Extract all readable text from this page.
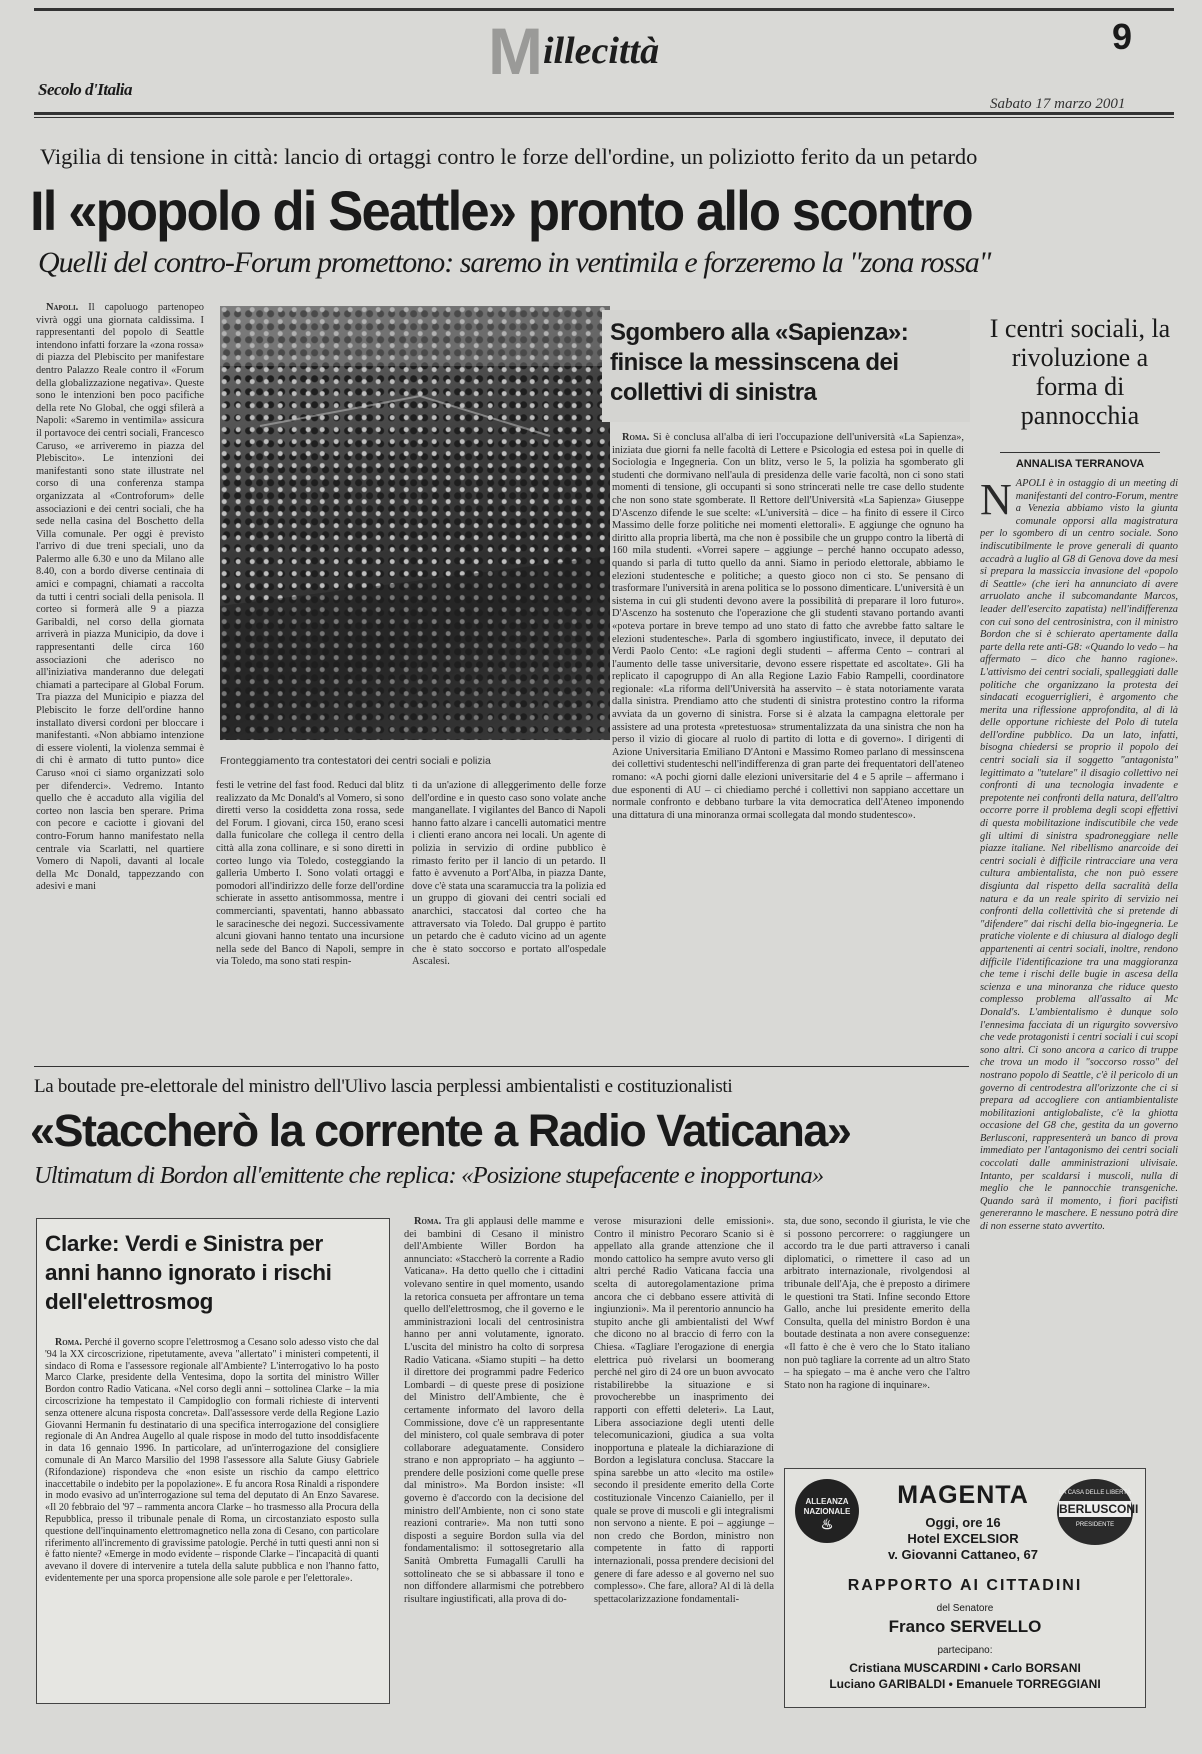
Millecittà	9
Secolo d'Italia
Sabato 17 marzo 2001
Vigilia di tensione in città: lancio di ortaggi contro le forze dell'ordine, un poliziotto ferito da un petardo
Il «popolo di Seattle» pronto allo scontro
Quelli del contro-Forum promettono: saremo in ventimila e forzeremo la "zona rossa"

Napoli. Il capoluogo partenopeo vivrà oggi una giornata caldissima. I rappresentanti del popolo di Seattle intendono infatti forzare la «zona rossa» di piazza del Plebiscito per manifestare dentro Palazzo Reale contro il «Forum della globalizzazione negativa». Queste sono le intenzioni ben poco pacifiche della rete No Global, che oggi sfilerà a Napoli: «Saremo in ventimila» assicura il portavoce dei centri sociali, Francesco Caruso, «e arriveremo in piazza del Plebiscito». Le intenzioni dei manifestanti sono state illustrate nel corso di una conferenza stampa organizzata al «Controforum» delle associazioni e dei centri sociali, che ha sede nella casina del Boschetto della Villa comunale. Per oggi è previsto l'arrivo di due treni speciali, uno da Palermo alle 6.30 e uno da Milano alle 8.40, con a bordo diverse centinaia di amici e compagni, chiamati a raccolta da tutti i centri sociali della penisola. Il corteo si formerà alle 9 a piazza Garibaldi, nel corso della giornata arriverà in piazza Municipio, da dove i rappresentanti delle circa 160 associazioni che aderisco no all'iniziativa manderanno due delegati chiamati a partecipare al Global Forum. Tra piazza del Municipio e piazza del Plebiscito le forze dell'ordine hanno installato diversi cordoni per bloccare i manifestanti. «Non abbiamo intenzione di essere violenti, la violenza semmai è di chi è armato di tutto punto» dice Caruso «noi ci siamo organizzati solo per difenderci». Vedremo. Intanto quello che è accaduto alla vigilia del corteo non lascia ben sperare. Prima con pecore e caciotte i giovani del contro-Forum hanno manifestato nella centrale via Scarlatti, nel quartiere Vomero di Napoli, davanti al locale della Mc Donald, tappezzando con adesivi e mani

Fronteggiamento tra contestatori dei centri sociali e polizia

festi le vetrine del fast food. Reduci dal blitz realizzato da Mc Donald's al Vomero, si sono diretti verso la cosiddetta zona rossa, sede del Forum. I giovani, circa 150, erano scesi dalla funicolare che collega il centro della città alla zona collinare, e si sono diretti in corteo lungo via Toledo, costeggiando la galleria Umberto I. Sono volati ortaggi e pomodori all'indirizzo delle forze dell'ordine schierate in assetto antisommossa, mentre i commercianti, spaventati, hanno abbassato le saracinesche dei negozi. Successivamente alcuni giovani hanno tentato una incursione nella sede del Banco di Napoli, sempre in via Toledo, ma sono stati respin-

ti da un'azione di alleggerimento delle forze dell'ordine e in questo caso sono volate anche manganellate. I vigilantes del Banco di Napoli hanno fatto alzare i cancelli automatici mentre i clienti erano ancora nei locali. Un agente di polizia in servizio di ordine pubblico è rimasto ferito per il lancio di un petardo. Il fatto è avvenuto a Port'Alba, in piazza Dante, dove c'è stata una scaramuccia tra la polizia ed un gruppo di giovani dei centri sociali ed anarchici, staccatosi dal corteo che ha attraversato via Toledo. Dal gruppo è partito un petardo che è caduto vicino ad un agente che è stato soccorso e portato all'ospedale Ascalesi.

Sgombero alla «Sapienza»: finisce la messinscena dei collettivi di sinistra

Roma. Si è conclusa all'alba di ieri l'occupazione dell'università «La Sapienza», iniziata due giorni fa nelle facoltà di Lettere e Psicologia ed estesa poi in quelle di Sociologia e Ingegneria. Con un blitz, verso le 5, la polizia ha sgomberato gli studenti che dormivano nell'aula di presidenza delle varie facoltà, non ci sono stati momenti di tensione, gli occupanti si sono strinceratì nelle tre case dello studente che non sono state sgomberate. Il Rettore dell'Università «La Sapienza» Giuseppe D'Ascenzo difende le sue scelte: «L'università – dice – ha finito di essere il Circo Massimo delle forze politiche nei momenti elettorali». E aggiunge che ognuno ha diritto alla propria libertà, ma che non è possibile che un gruppo contro la libertà di 160 mila studenti. «Vorrei sapere – aggiunge – perché hanno occupato adesso, quando si parla di tutto quello da anni. Siamo in periodo elettorale, abbiamo le elezioni studentesche e politiche; a questo gioco non ci sto. Se pensano di trasformare l'università in arena politica se lo possono dimenticare. L'università è un sistema in cui gli studenti devono avere la possibilità di preparare il loro futuro». D'Ascenzo ha sostenuto che l'operazione che gli studenti stavano portando avanti «poteva portare in breve tempo ad uno stato di fatto che avrebbe fatto saltare le elezioni studentesche». Parla di sgombero ingiustificato, invece, il deputato dei Verdi Paolo Cento: «Le ragioni degli studenti – afferma Cento – contrari al l'aumento delle tasse universitarie, devono essere rispettate ed ascoltate». Gli ha replicato il capogruppo di An alla Regione Lazio Fabio Rampelli, coordinatore regionale: «La riforma dell'Università ha asservito – è stata notoriamente varata dalla sinistra. Prendiamo atto che studenti di sinistra protestino contro la riforma avviata da un governo di sinistra. Forse si è alzata la campagna elettorale per assistere ad una protesta «pretestuosa» strumentalizzata da una sinistra che non ha perso il vizio di giocare al ruolo di partito di lotta e di governo». I dirigenti di Azione Universitaria Emiliano D'Antoni e Massimo Romeo parlano di messinscena dei collettivi studenteschi nell'indifferenza di gran parte dei frequentatori dell'ateneo romano: «A pochi giorni dalle elezioni universitarie del 4 e 5 aprile – affermano i due esponenti di AU – ci chiediamo perché i collettivi non sappiano accettare un normale confronto e debbano turbare la vita democratica dell'Ateneo imponendo una dittatura di una minoranza ormai scollegata dal mondo studentesco».

I centri sociali, la rivoluzione a forma di pannocchia
ANNALISA TERRANOVA

NAPOLI è in ostaggio di un meeting di manifestanti del contro-Forum, mentre a Venezia abbiamo visto la giunta comunale opporsi alla magistratura per lo sgombero di un centro sociale. Sono indiscutibilmente le prove generali di quanto accadrà a luglio al G8 di Genova dove da mesi si prepara la massiccia invasione del «popolo di Seattle» (che ieri ha annunciato di avere arruolato anche il subcomandante Marcos, leader dell'esercito zapatista) nell'indifferenza con cui sono del centrosinistra, con il ministro Bordon che si è schierato apertamente dalla parte della rete anti-G8: «Quando lo vedo – ha affermato – dico che hanno ragione». L'attivismo dei centri sociali, spalleggiati dalle politiche che organizzano la protesta dei sindacati ecoguerriglieri, è argomento che merita una riflessione approfondita, al di là delle opportune richieste del Polo di tutela dell'ordine pubblico. Da un lato, infatti, bisogna chiedersi se proprio il popolo dei centri sociali sia il soggetto "antagonista" legittimato a "tutelare" il disagio collettivo nei confronti di una tecnologia invadente e prepotente nei confronti della natura, dell'altro occorre porre il problema degli scopi effettivi di questa mobilitazione indiscutibile che vede gli ultimi di sinistra spadroneggiare nelle piazze italiane. Nel ribellismo anarcoide dei centri sociali è difficile rintracciare una vera cultura ambientalista, che non può essere disgiunta dal rispetto della sacralità della natura e da un reale spirito di servizio nei confronti della collettività che si pretende di "difendere" dai rischi della bio-ingegneria. Le pratiche violente e di chiusura al dialogo degli appartenenti ai centri sociali, inoltre, rendono difficile l'identificazione tra una maggioranza che teme i rischi delle bugie in ascesa della scienza e una minoranza che riduce questo complesso problema all'assalto ai Mc Donald's. L'ambientalismo è dunque solo l'ennesima facciata di un rigurgito sovversivo che vede protagonisti i centri sociali i cui scopi sono altri. Ci sono ancora a carico di truppe che trova un modo il "soccorso rosso" del nostrano popolo di Seattle, c'è il pericolo di un governo di centrodestra all'orizzonte che ci si prepara ad accogliere con antiambientaliste mobilitazioni antiglobaliste, c'è la ghiotta occasione del G8 che, gestita da un governo Berlusconi, rappresenterà un banco di prova immediato per l'antagonismo dei centri sociali coccolati dalle amministrazioni ulivisaie. Intanto, per scaldarsi i muscoli, nulla di meglio che le pannocchie transgeniche. Quando sarà il momento, i fiori pacifisti genereranno le maschere. E nessuno potrà dire di non esserne stato avvertito.

La boutade pre-elettorale del ministro dell'Ulivo lascia perplessi ambientalisti e costituzionalisti
«Staccherò la corrente a Radio Vaticana»
Ultimatum di Bordon all'emittente che replica: «Posizione stupefacente e inopportuna»
Clarke: Verdi e Sinistra per anni hanno ignorato i rischi dell'elettrosmog

Roma. Perché il governo scopre l'elettrosmog a Cesano solo adesso visto che dal '94 la XX circoscrizione, ripetutamente, aveva "allertato" i ministeri competenti, il sindaco di Roma e l'assessore regionale all'Ambiente? L'interrogativo lo ha posto Marco Clarke, presidente della Ventesima, dopo la sortita del ministro Willer Bordon contro Radio Vaticana. «Nel corso degli anni – sottolinea Clarke – la mia circoscrizione ha tempestato il Campidoglio con formali richieste di interventi senza ottenere alcuna risposta concreta». Dall'assessore verde della Regione Lazio Giovanni Hermanin fu destinatario di una specifica interrogazione del consigliere regionale di An Andrea Augello al quale rispose in modo del tutto insoddisfacente in data 16 gennaio 1996. In particolare, ad un'interrogazione del consigliere comunale di An Marco Marsilio del 1998 l'assessore alla Salute Giusy Gabriele (Rifondazione) rispondeva che «non esiste un rischio da campo elettrico inaccettabile o indebito per la popolazione». E fu ancora Rosa Rinaldi a rispondere in modo evasivo ad un'interrogazione sul tema del deputato di An Enzo Savarese. «Il 20 febbraio del '97 – rammenta ancora Clarke – ho trasmesso alla Procura della Repubblica, presso il tribunale penale di Roma, un circostanziato esposto sulla questione dell'inquinamento elettromagnetico nella zona di Cesano, con particolare riferimento all'incremento di gravissime patologie. Perché in tutti questi anni non si è fatto niente? «Emerge in modo evidente – risponde Clarke – l'incapacità di quanti avevano il dovere di intervenire a tutela della salute pubblica e non l'hanno fatto, evidentemente per una sporca propensione alle sole parole e per l'elettorale».

Roma. Tra gli applausi delle mamme e dei bambini di Cesano il ministro dell'Ambiente Willer Bordon ha annunciato: «Staccherò la corrente a Radio Vaticana». Ha detto quello che i cittadini volevano sentire in quel momento, usando la retorica consueta per affrontare un tema quello dell'elettrosmog, che il governo e le amministrazioni locali del centrosinistra hanno per anni volutamente, ignorato. L'uscita del ministro ha colto di sorpresa Radio Vaticana. «Siamo stupiti – ha detto il direttore dei programmi padre Federico Lombardi – di queste prese di posizione del Ministro dell'Ambiente, che è certamente informato del lavoro della Commissione, dove c'è un rappresentante del ministero, col quale sembrava di poter collaborare adeguatamente. Considero strano e non appropriato – ha aggiunto – prendere delle posizioni come quelle prese dal ministro». Ma Bordon insiste: «Il governo è d'accordo con la decisione del ministro dell'Ambiente, non ci sono state reazioni contrarie». Ma non tutti sono disposti a seguire Bordon sulla via del fondamentalismo: il sottosegretario alla Sanità Ombretta Fumagalli Carulli ha sottolineato che se si abbassare il tono e non diffondere allarmismi che potrebbero risultare ingiustificati, alla prova di do-

verose misurazioni delle emissioni». Contro il ministro Pecoraro Scanio si è appellato alla grande attenzione che il mondo cattolico ha sempre avuto verso gli altri perché Radio Vaticana faccia una scelta di autoregolamentazione prima ancora che ci debbano essere attività di ingiunzioni». Ma il perentorio annuncio ha stupito anche gli ambientalisti del Wwf che dicono no al braccio di ferro con la Chiesa. «Tagliare l'erogazione di energia elettrica può rivelarsi un boomerang perché nel giro di 24 ore un buon avvocato ristabilirebbe la situazione e si provocherebbe un inasprimento dei rapporti con effetti deleteri». La Laut, Libera associazione degli utenti delle telecomunicazioni, giudica a sua volta inopportuna e plateale la dichiarazione di Bordon a legislatura conclusa. Staccare la spina sarebbe un atto «lecito ma ostile» secondo il presidente emerito della Corte costituzionale Vincenzo Caianiello, per il quale se prove di muscoli e gli integralismi non servono a niente. E poi – aggiunge – non credo che Bordon, ministro non competente in fatto di rapporti internazionali, possa prendere decisioni del genere di fare adesso e al governo nel suo complesso». Che fare, allora? Al di là della spettacolarizzazione fondamentali-

sta, due sono, secondo il giurista, le vie che si possono percorrere: o raggiungere un accordo tra le due parti attraverso i canali diplomatici, o rimettere il caso ad un arbitrato internazionale, rivolgendosi al tribunale dell'Aja, che è preposto a dirimere le questioni tra Stati. Infine secondo Ettore Gallo, anche lui presidente emerito della Consulta, quella del ministro Bordon è una boutade destinata a non avere conseguenze: «Il fatto è che è vero che lo Stato italiano non può tagliare la corrente ad un altro Stato – ha spiegato – ma è anche vero che l'altro Stato non ha ragione di inquinare».

ALLEANZA
NAZIONALE
♨
LA CASA DELLE LIBERTÀ
BERLUSCONI
PRESIDENTE
MAGENTA
Oggi, ore 16
Hotel EXCELSIOR
v. Giovanni Cattaneo, 67
RAPPORTO AI CITTADINI
del Senatore
Franco SERVELLO
partecipano:
Cristiana MUSCARDINI • Carlo BORSANI
Luciano GARIBALDI • Emanuele TORREGGIANI
